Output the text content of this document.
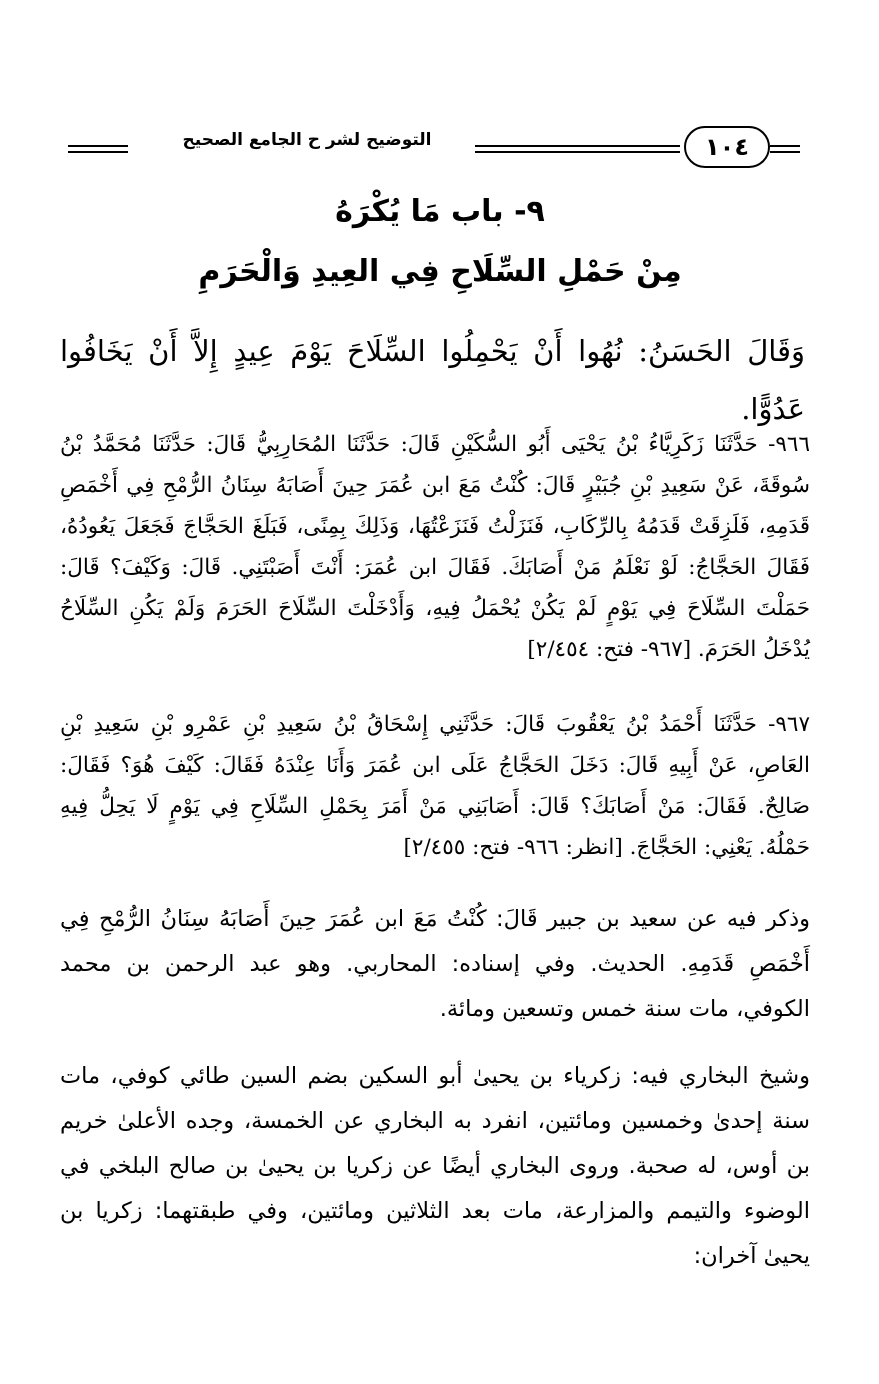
التوضيح لشر ح الجامع الصحيح	١٠٤
٩- باب مَا يُكْرَهُ
مِنْ حَمْلِ السِّلَاحِ فِي العِيدِ وَالْحَرَمِ
وَقَالَ الحَسَنُ: نُهُوا أَنْ يَحْمِلُوا السِّلَاحَ يَوْمَ عِيدٍ إِلاَّ أَنْ يَخَافُوا عَدُوًّا.
٩٦٦- حَدَّثَنَا زَكَرِيَّاءُ بْنُ يَحْيَى أَبُو السُّكَيْنِ قَالَ: حَدَّثَنَا المُحَارِبِيُّ قَالَ: حَدَّثَنَا مُحَمَّدُ بْنُ سُوقَةَ، عَنْ سَعِيدِ بْنِ جُبَيْرٍ قَالَ: كُنْتُ مَعَ ابن عُمَرَ حِينَ أَصَابَهُ سِنَانُ الرُّمْحِ فِي أَخْمَصِ قَدَمِهِ، فَلَزِقَتْ قَدَمُهُ بِالرِّكَابِ، فَنَزَلْتُ فَنَزَعْتُهَا، وَذَلِكَ بِمِنًى، فَبَلَغَ الحَجَّاجَ فَجَعَلَ يَعُودُهُ، فَقَالَ الحَجَّاجُ: لَوْ نَعْلَمُ مَنْ أَصَابَكَ. فَقَالَ ابن عُمَرَ: أَنْتَ أَصَبْتَنِي. قَالَ: وَكَيْفَ؟ قَالَ: حَمَلْتَ السِّلَاحَ فِي يَوْمٍ لَمْ يَكُنْ يُحْمَلُ فِيهِ، وَأَدْخَلْتَ السِّلَاحَ الحَرَمَ وَلَمْ يَكُنِ السِّلَاحُ يُدْخَلُ الحَرَمَ. [٩٦٧- فتح: ٢/٤٥٤]
٩٦٧- حَدَّثَنَا أَحْمَدُ بْنُ يَعْقُوبَ قَالَ: حَدَّثَنِي إِسْحَاقُ بْنُ سَعِيدِ بْنِ عَمْرِو بْنِ سَعِيدِ بْنِ العَاصِ، عَنْ أَبِيهِ قَالَ: دَخَلَ الحَجَّاجُ عَلَى ابن عُمَرَ وَأَنَا عِنْدَهُ فَقَالَ: كَيْفَ هُوَ؟ فَقَالَ: صَالِحٌ. فَقَالَ: مَنْ أَصَابَكَ؟ قَالَ: أَصَابَنِي مَنْ أَمَرَ بِحَمْلِ السِّلَاحِ فِي يَوْمٍ لَا يَحِلُّ فِيهِ حَمْلُهُ. يَعْنِي: الحَجَّاجَ. [انظر: ٩٦٦- فتح: ٢/٤٥٥]
وذكر فيه عن سعيد بن جبير قَالَ: كُنْتُ مَعَ ابن عُمَرَ حِينَ أَصَابَهُ سِنَانُ الرُّمْحِ فِي أَخْمَصِ قَدَمِهِ. الحديث. وفي إسناده: المحاربي. وهو عبد الرحمن بن محمد الكوفي، مات سنة خمس وتسعين ومائة.
وشيخ البخاري فيه: زكرياء بن يحيىٰ أبو السكين بضم السين طائي كوفي، مات سنة إحدىٰ وخمسين ومائتين، انفرد به البخاري عن الخمسة، وجده الأعلىٰ خريم بن أوس، له صحبة. وروى البخاري أيضًا عن زكريا بن يحيىٰ بن صالح البلخي في الوضوء والتيمم والمزارعة، مات بعد الثلاثين ومائتين، وفي طبقتهما: زكريا بن يحيىٰ آخران:
